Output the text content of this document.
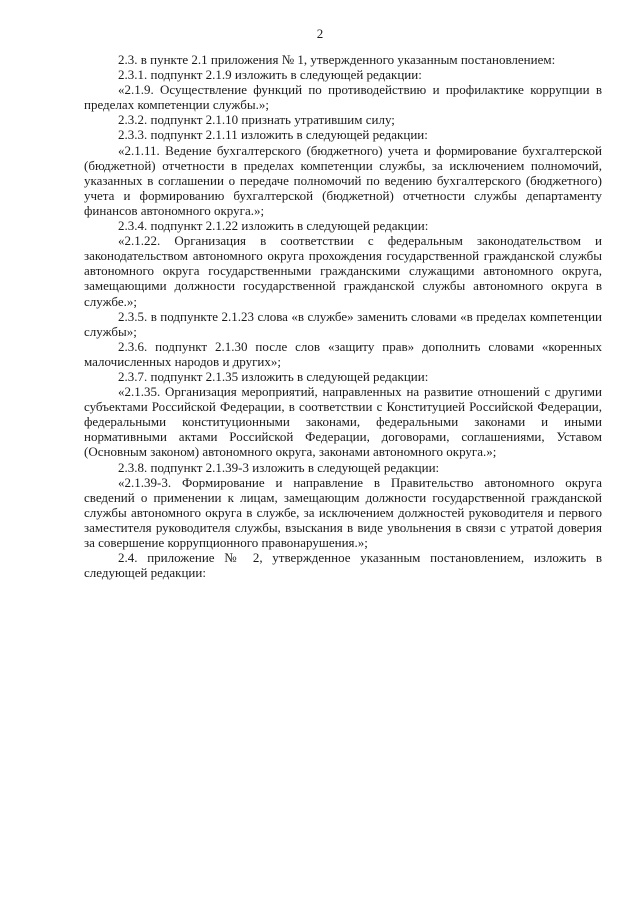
2

2.3. в пункте 2.1 приложения № 1, утвержденного указанным постановлением:

2.3.1. подпункт 2.1.9 изложить в следующей редакции:

«2.1.9. Осуществление функций по противодействию и профилактике коррупции в пределах компетенции службы.»;

2.3.2. подпункт 2.1.10 признать утратившим силу;

2.3.3. подпункт 2.1.11 изложить в следующей редакции:

«2.1.11. Ведение бухгалтерского (бюджетного) учета и формирование бухгалтерской (бюджетной) отчетности в пределах компетенции службы, за исключением полномочий, указанных в соглашении о передаче полномочий по ведению бухгалтерского (бюджетного) учета и формированию бухгалтерской (бюджетной) отчетности службы департаменту финансов автономного округа.»;

2.3.4. подпункт 2.1.22 изложить в следующей редакции:

«2.1.22. Организация в соответствии с федеральным законодательством и законодательством автономного округа прохождения государственной гражданской службы автономного округа государственными гражданскими служащими автономного округа, замещающими должности государственной гражданской службы автономного округа в службе.»;

2.3.5. в подпункте 2.1.23 слова «в службе» заменить словами «в пределах компетенции службы»;

2.3.6. подпункт 2.1.30 после слов «защиту прав» дополнить словами «коренных малочисленных народов и других»;

2.3.7. подпункт 2.1.35 изложить в следующей редакции:

«2.1.35. Организация мероприятий, направленных на развитие отношений с другими субъектами Российской Федерации, в соответствии с Конституцией Российской Федерации, федеральными конституционными законами, федеральными законами и иными нормативными актами Российской Федерации, договорами, соглашениями, Уставом (Основным законом) автономного округа, законами автономного округа.»;

2.3.8. подпункт 2.1.39-3 изложить в следующей редакции:

«2.1.39-3. Формирование и направление в Правительство автономного округа сведений о применении к лицам, замещающим должности государственной гражданской службы автономного округа в службе, за исключением должностей руководителя и первого заместителя руководителя службы, взыскания в виде увольнения в связи с утратой доверия за совершение коррупционного правонарушения.»;

2.4. приложение № 2, утвержденное указанным постановлением, изложить в следующей редакции:
